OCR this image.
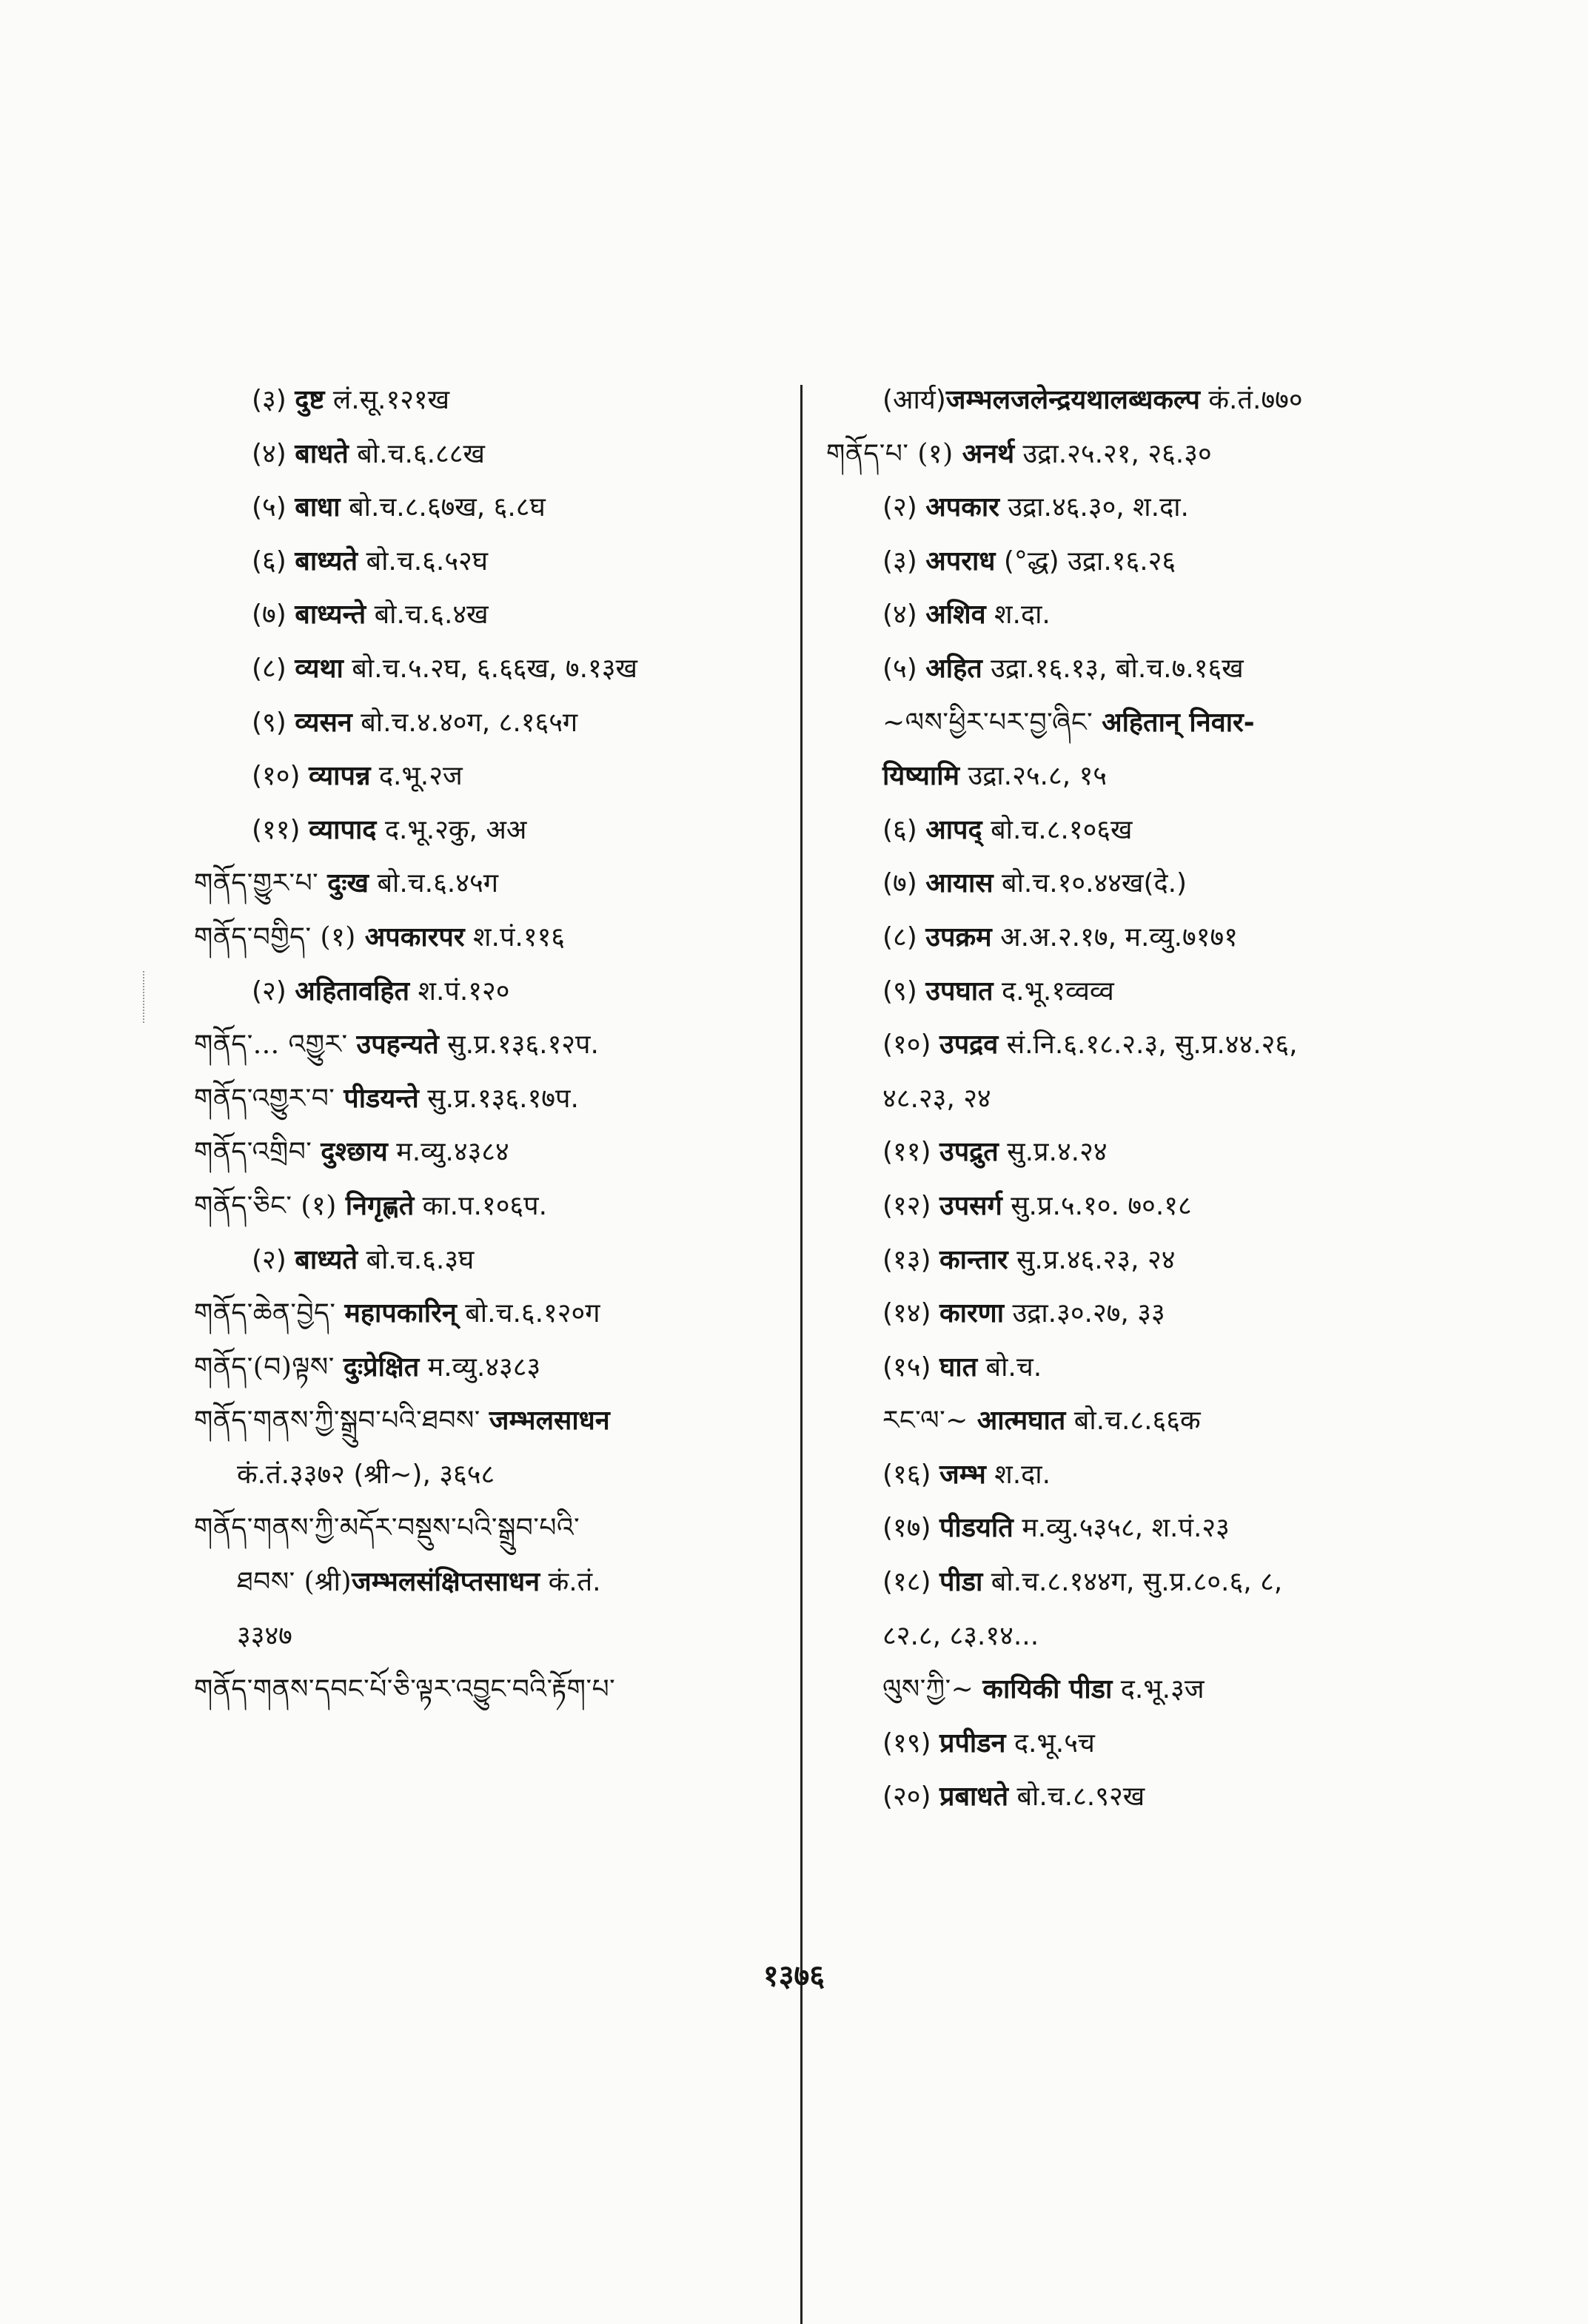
(३) दुष्ट लं.सू.१२१ख
(४) बाधते बो.च.६.८८ख
(५) बाधा बो.च.८.६७ख, ६.८घ
(६) बाध्यते बो.च.६.५२घ
(७) बाध्यन्ते बो.च.६.४ख
(८) व्यथा बो.च.५.२घ, ६.६६ख, ७.१३ख
(९) व्यसन बो.च.४.४०ग, ८.१६५ग
(१०) व्यापन्न द.भू.२ज
(११) व्यापाद द.भू.२कु, अअ
གནོད་གྱུར་པ་ दुःख बो.च.६.४५ग
གནོད་བགྱིད་ (१) अपकारपर श.पं.११६
(२) अहितावहित श.पं.१२०
གནོད་... འགྱུར་ उपहन्यते सु.प्र.१३६.१२प.
གནོད་འགྱུར་བ་ पीडयन्ते सु.प्र.१३६.१७प.
གནོད་འགྲིབ་ दुश्छाय म.व्यु.४३८४
གནོད་ཅིང་ (१) निगृह्णते का.प.१०६प.
(२) बाध्यते बो.च.६.३घ
གནོད་ཆེན་བྱེད་ महापकारिन् बो.च.६.१२०ग
གནོད་(བ)ལྟས་ दुःप्रेक्षित म.व्यु.४३८३
གནོད་གནས་ཀྱི་སྒྲུབ་པའི་ཐབས་ जम्भलसाधन
कं.तं.३३७२ (श्री~), ३६५८
གནོད་གནས་ཀྱི་མདོར་བསྡུས་པའི་སྒྲུབ་པའི་
ཐབས་ (श्री)जम्भलसंक्षिप्तसाधन कं.तं.
३३४७
གནོད་གནས་དབང་པོ་ཅི་ལྟར་འབྱུང་བའི་རྟོག་པ་
(आर्य)जम्भलजलेन्द्रयथालब्धकल्प कं.तं.७७०
གནོད་པ་ (१) अनर्थ उद्रा.२५.२१, २६.३०
(२) अपकार उद्रा.४६.३०, श.दा.
(३) अपराध (°द्ध) उद्रा.१६.२६
(४) अशिव श.दा.
(५) अहित उद्रा.१६.१३, बो.च.७.१६ख
~ལས་ཕྱིར་པར་བྱ་ཞིང་ अहितान् निवार-
यिष्यामि उद्रा.२५.८, १५
(६) आपद् बो.च.८.१०६ख
(७) आयास बो.च.१०.४४ख(दे.)
(८) उपक्रम अ.अ.२.१७, म.व्यु.७१७१
(९) उपघात द.भू.१व्वव्व
(१०) उपद्रव सं.नि.६.१८.२.३, सु.प्र.४४.२६,
४८.२३, २४
(११) उपद्रुत सु.प्र.४.२४
(१२) उपसर्ग सु.प्र.५.१०. ७०.१८
(१३) कान्तार सु.प्र.४६.२३, २४
(१४) कारणा उद्रा.३०.२७, ३३
(१५) घात बो.च.
རང་ལ་~ आत्मघात बो.च.८.६६क
(१६) जम्भ श.दा.
(१७) पीडयति म.व्यु.५३५८, श.पं.२३
(१८) पीडा बो.च.८.१४४ग, सु.प्र.८०.६, ८,
८२.८, ८३.१४...
ལུས་ཀྱི་~ कायिकी पीडा द.भू.३ज
(१९) प्रपीडन द.भू.५च
(२०) प्रबाधते बो.च.८.९२ख
१३७६
